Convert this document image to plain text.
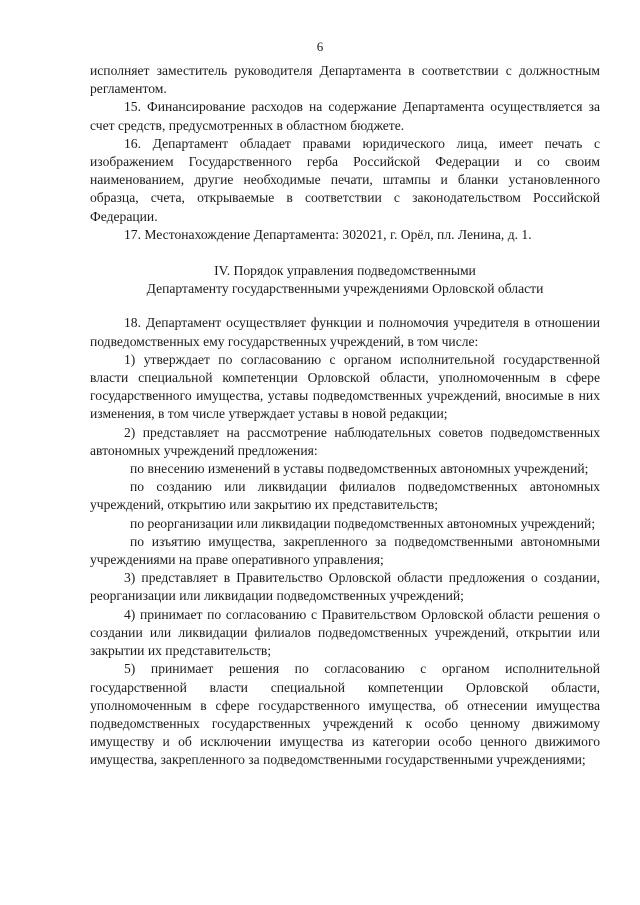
6

исполняет заместитель руководителя Департамента в соответствии с должностным регламентом.

15. Финансирование расходов на содержание Департамента осуществляется за счет средств, предусмотренных в областном бюджете.

16. Департамент обладает правами юридического лица, имеет печать с изображением Государственного герба Российской Федерации и со своим наименованием, другие необходимые печати, штампы и бланки установленного образца, счета, открываемые в соответствии с законодательством Российской Федерации.

17. Местонахождение Департамента: 302021, г. Орёл, пл. Ленина, д. 1.

IV. Порядок управления подведомственными
Департаменту государственными учреждениями Орловской области

18. Департамент осуществляет функции и полномочия учредителя в отношении подведомственных ему государственных учреждений, в том числе:

1) утверждает по согласованию с органом исполнительной государственной власти специальной компетенции Орловской области, уполномоченным в сфере государственного имущества, уставы подведомственных учреждений, вносимые в них изменения, в том числе утверждает уставы в новой редакции;

2) представляет на рассмотрение наблюдательных советов подведомственных автономных учреждений предложения:

по внесению изменений в уставы подведомственных автономных учреждений;

по созданию или ликвидации филиалов подведомственных автономных учреждений, открытию или закрытию их представительств;

по реорганизации или ликвидации подведомственных автономных учреждений;

по изъятию имущества, закрепленного за подведомственными автономными учреждениями на праве оперативного управления;

3) представляет в Правительство Орловской области предложения о создании, реорганизации или ликвидации подведомственных учреждений;

4) принимает по согласованию с Правительством Орловской области решения о создании или ликвидации филиалов подведомственных учреждений, открытии или закрытии их представительств;

5) принимает решения по согласованию с органом исполнительной государственной власти специальной компетенции Орловской области, уполномоченным в сфере государственного имущества, об отнесении имущества подведомственных государственных учреждений к особо ценному движимому имуществу и об исключении имущества из категории особо ценного движимого имущества, закрепленного за подведомственными государственными учреждениями;
